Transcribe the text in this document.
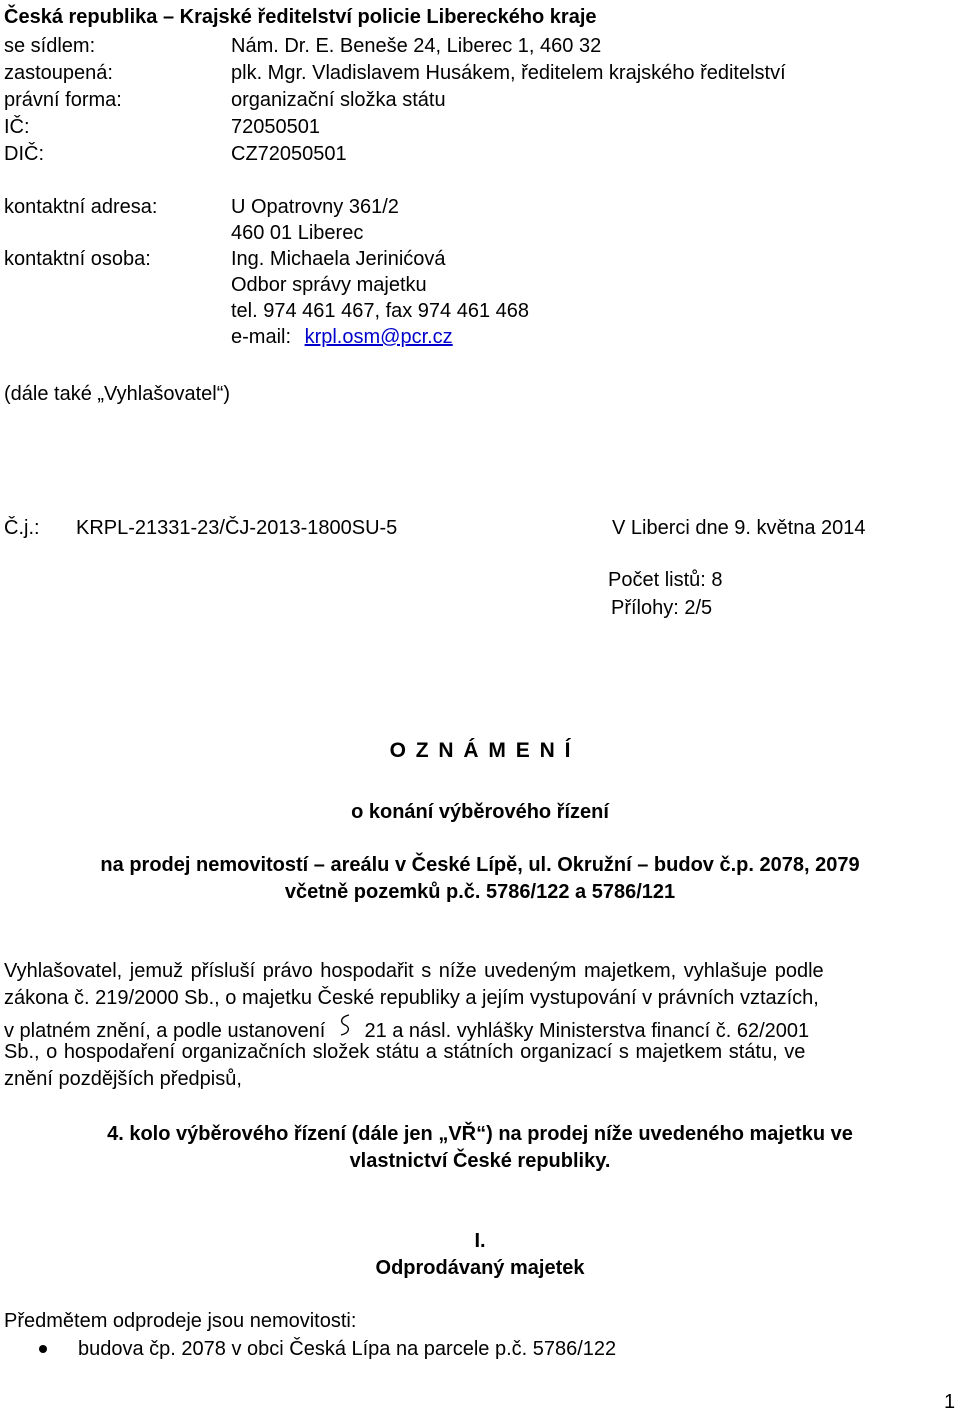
Česká republika – Krajské ředitelství policie Libereckého kraje
se sídlem:	Nám. Dr. E. Beneše 24, Liberec 1, 460 32
zastoupená:	plk. Mgr. Vladislavem Husákem, ředitelem krajského ředitelství
právní forma:	organizační složka státu
IČ:	72050501
DIČ:	CZ72050501
kontaktní adresa:	U Opatrovny 361/2
460 01 Liberec
kontaktní osoba:	Ing. Michaela Jerinićová
Odbor správy majetku
tel. 974 461 467, fax 974 461 468
e-mail: krpl.osm@pcr.cz
(dále také „Vyhlašovatel“)
Č.j.: KRPL-21331-23/ČJ-2013-1800SU-5	V Liberci dne 9. května 2014
Počet listů: 8
Přílohy: 2/5
O Z N Á M E N Í
o konání výběrového řízení
na prodej nemovitostí – areálu v České Lípě, ul. Okružní – budov č.p. 2078, 2079
včetně pozemků p.č. 5786/122 a 5786/121
Vyhlašovatel, jemuž přísluší právo hospodařit s níže uvedeným majetkem, vyhlašuje podle
zákona č. 219/2000 Sb., o majetku České republiky a jejím vystupování v právních vztazích,
v platném znění, a podle ustanovení 21 a násl. vyhlášky Ministerstva financí č. 62/2001
Sb., o hospodaření organizačních složek státu a státních organizací s majetkem státu, ve
znění pozdějších předpisů,
4. kolo výběrového řízení (dále jen „VŘ“) na prodej níže uvedeného majetku ve
vlastnictví České republiky.
I.
Odprodávaný majetek
Předmětem odprodeje jsou nemovitosti:
budova čp. 2078 v obci Česká Lípa na parcele p.č. 5786/122
1
